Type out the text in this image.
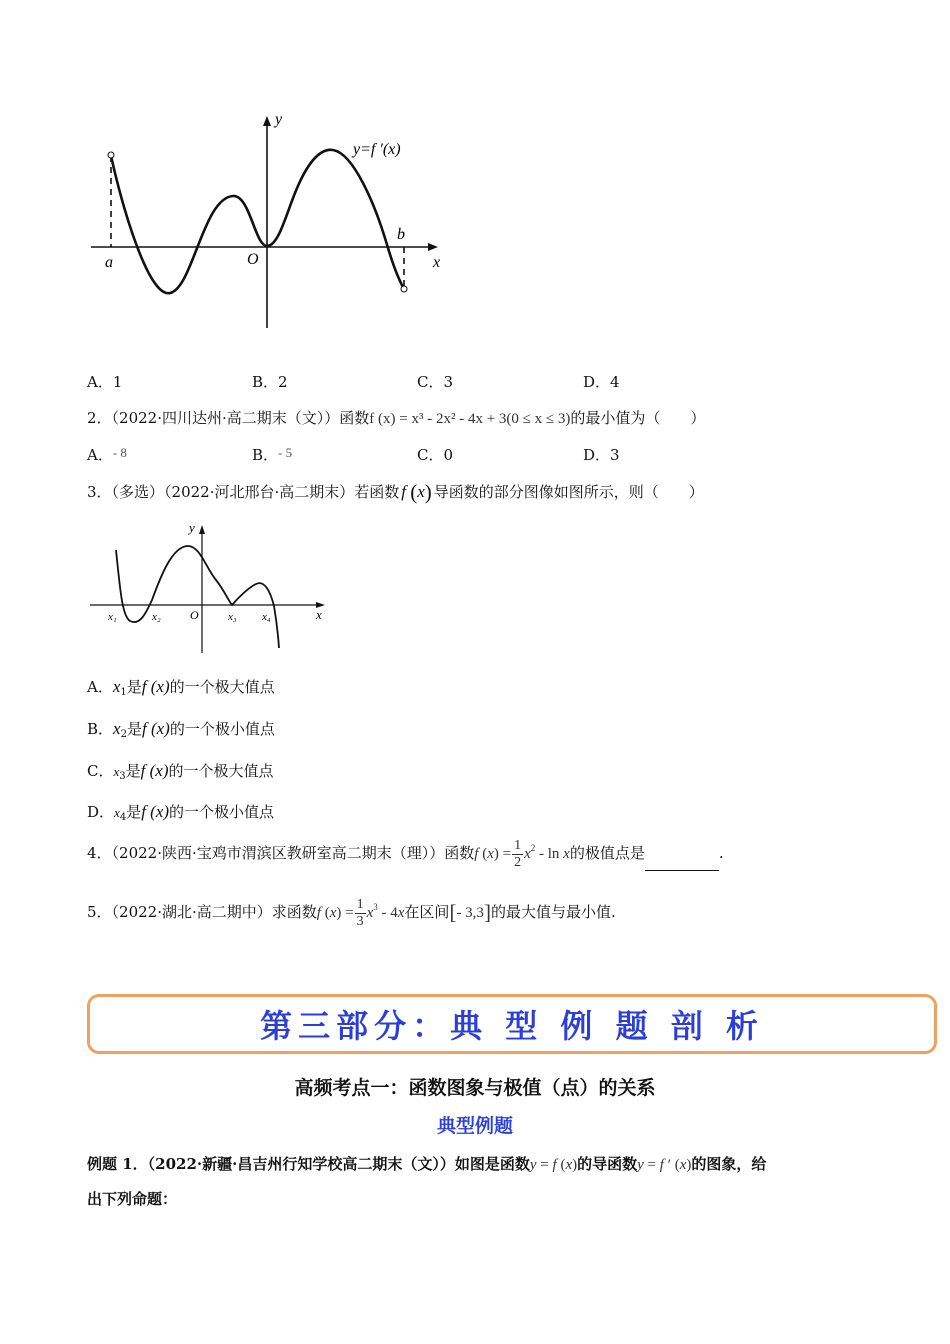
y
x
O
a
b
y=f ′(x)
A．1	B．2	C．3	D．4
2．（2022·四川达州·高二期末（文））函数f (x) = x³ - 2x² - 4x + 3(0 ≤ x ≤ 3)的最小值为（　　）
A．- 8	B．- 5	C．0	D．3
3．（多选）（2022·河北邢台·高二期末）若函数 f (x) 导函数的部分图像如图所示，则（　　）
y
x
O
x₁	x₂	x₃ x₄
A．$x_1$是f (x)的一个极大值点
B．$x_2$是f (x)的一个极小值点
C．$x_3$是f (x)的一个极大值点
D．$x_4$是f (x)的一个极小值点
4．（2022·陕西·宝鸡市渭滨区教研室高二期末（理））函数f $(x) = \frac{1}{2} x^2 - \ln x$的极值点是	.
5．（2022·湖北·高二期中）求函数f $(x) = \frac{1}{3} x^3 - 4x$在区间[- 3,3]的最大值与最小值.
第三部分：典 型 例 题 剖 析
高频考点一：函数图象与极值（点）的关系
典型例题
例题 1．（2022·新疆·昌吉州行知学校高二期末（文））如图是函数y = f (x)的导函数y = f ′ (x)的图象，给
出下列命题：
